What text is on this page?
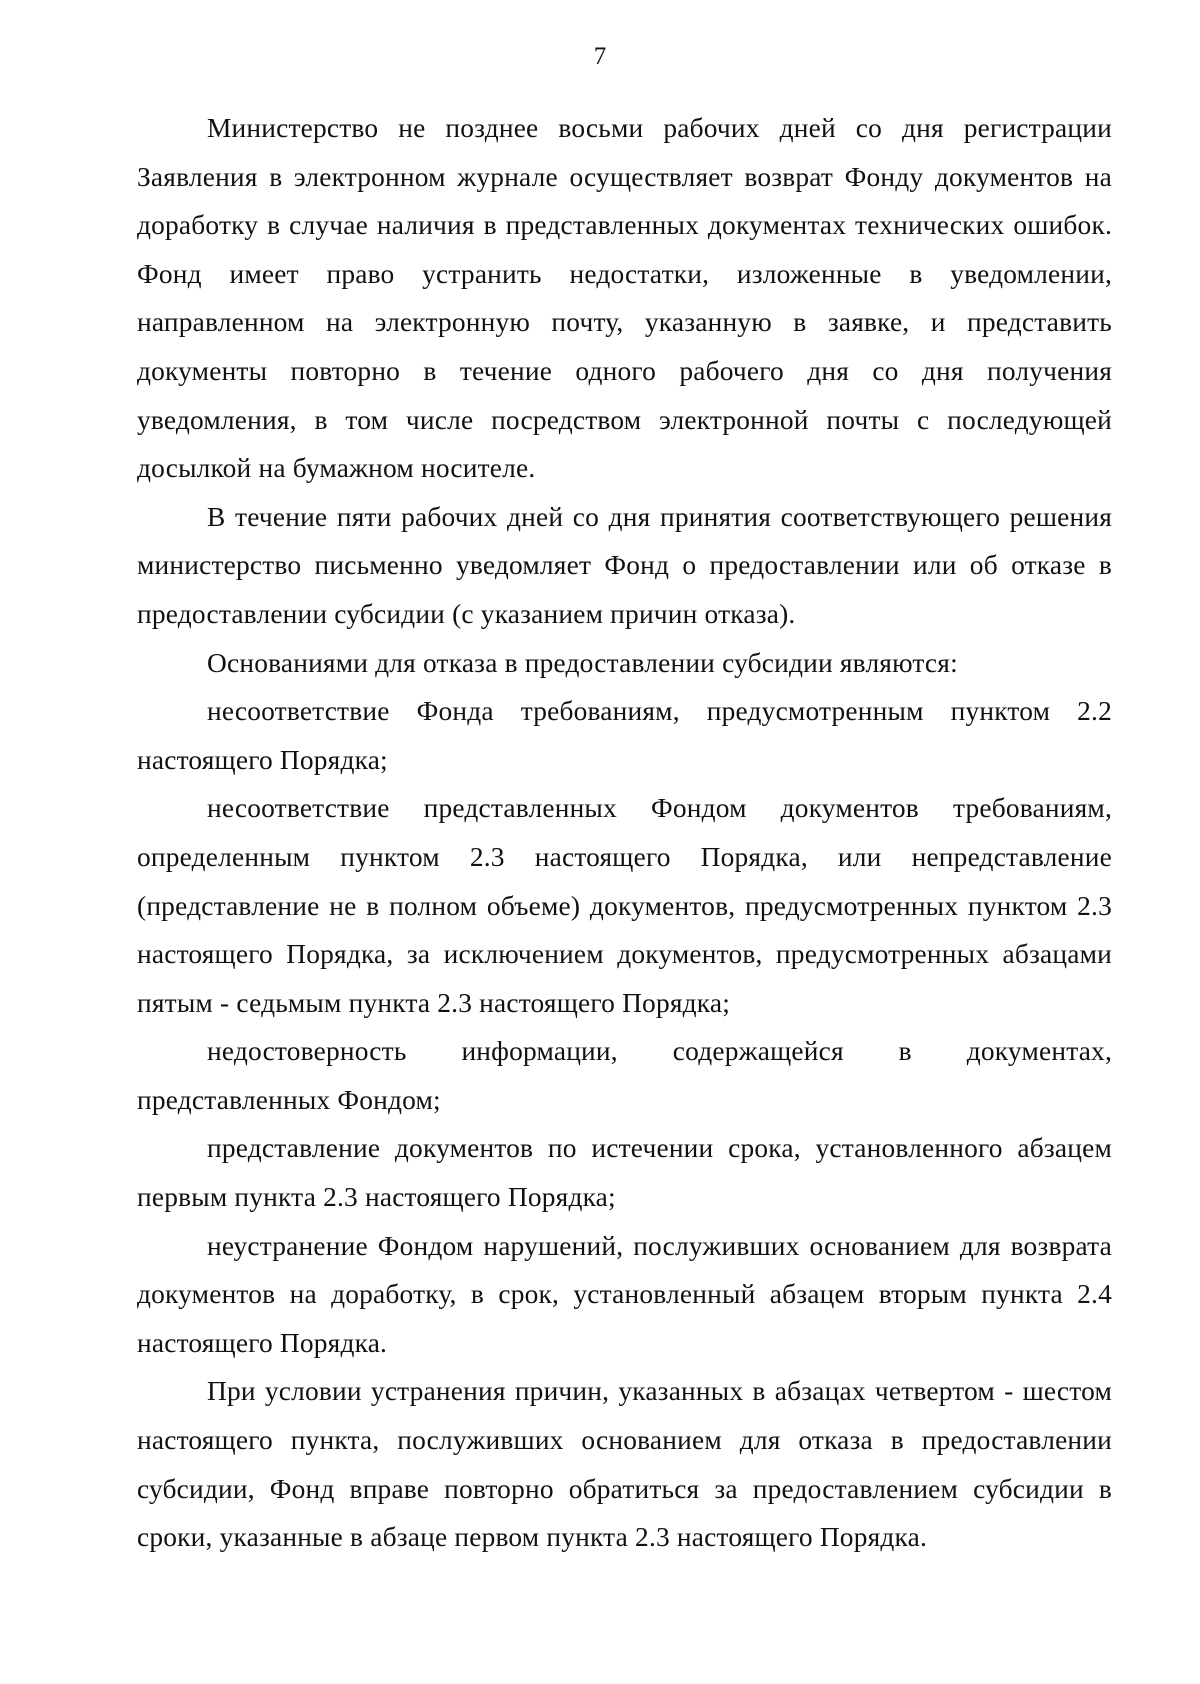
7

Министерство не позднее восьми рабочих дней со дня регистрации Заявления в электронном журнале осуществляет возврат Фонду документов на доработку в случае наличия в представленных документах технических ошибок. Фонд имеет право устранить недостатки, изложенные в уведомлении, направленном на электронную почту, указанную в заявке, и представить документы повторно в течение одного рабочего дня со дня получения уведомления, в том числе посредством электронной почты с последующей досылкой на бумажном носителе.

В течение пяти рабочих дней со дня принятия соответствующего решения министерство письменно уведомляет Фонд о предоставлении или об отказе в предоставлении субсидии (с указанием причин отказа).

Основаниями для отказа в предоставлении субсидии являются:

несоответствие Фонда требованиям, предусмотренным пунктом 2.2 настоящего Порядка;

несоответствие представленных Фондом документов требованиям, определенным пунктом 2.3 настоящего Порядка, или непредставление (представление не в полном объеме) документов, предусмотренных пунктом 2.3 настоящего Порядка, за исключением документов, предусмотренных абзацами пятым - седьмым пункта 2.3 настоящего Порядка;

недостоверность информации, содержащейся в документах, представленных Фондом;

представление документов по истечении срока, установленного абзацем первым пункта 2.3 настоящего Порядка;

неустранение Фондом нарушений, послуживших основанием для возврата документов на доработку, в срок, установленный абзацем вторым пункта 2.4 настоящего Порядка.

При условии устранения причин, указанных в абзацах четвертом - шестом настоящего пункта, послуживших основанием для отказа в предоставлении субсидии, Фонд вправе повторно обратиться за предоставлением субсидии в сроки, указанные в абзаце первом пункта 2.3 настоящего Порядка.
